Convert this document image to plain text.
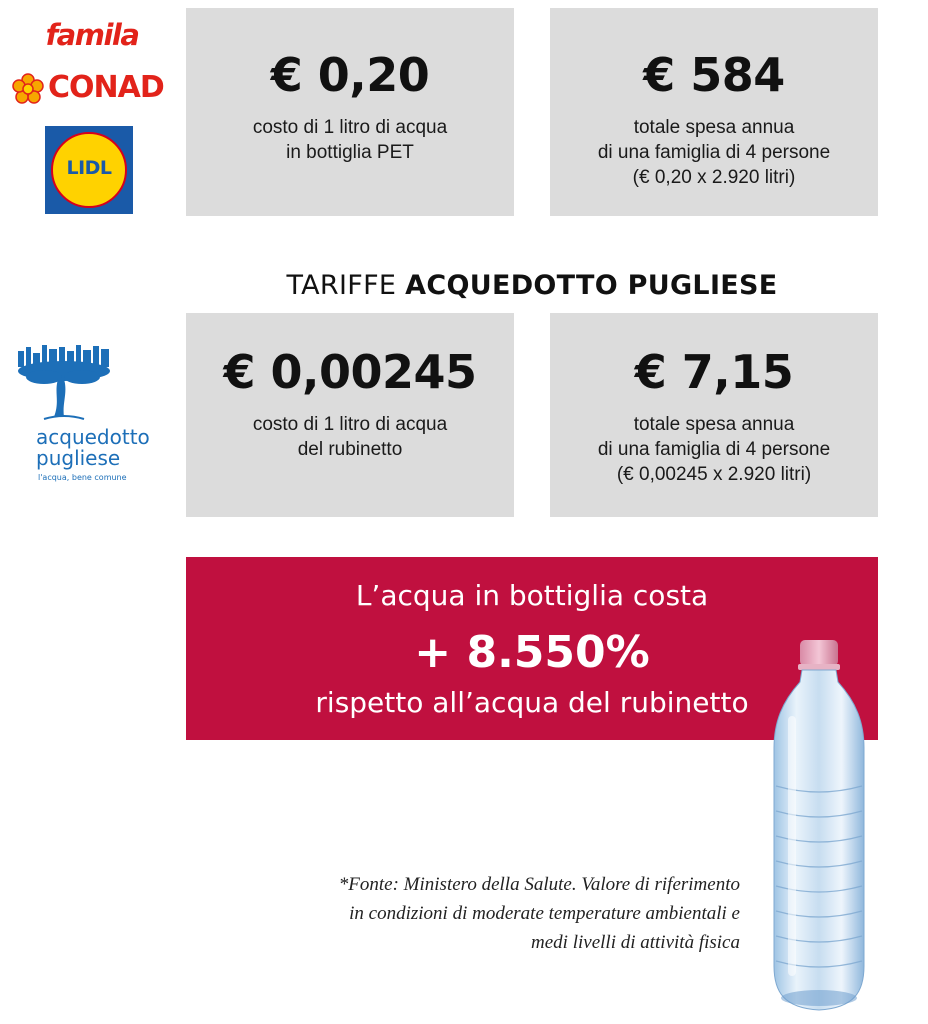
famila
CONAD
LIDL
acquedotto
pugliese
l'acqua, bene comune
€ 0,20
costo di 1 litro di acqua
in bottiglia PET
€ 584
totale spesa annua
di una famiglia di 4 persone
(€ 0,20 x 2.920 litri)
TARIFFE ACQUEDOTTO PUGLIESE
€ 0,00245
costo di 1 litro di acqua
del rubinetto
€ 7,15
totale spesa annua
di una famiglia di 4 persone
(€ 0,00245 x 2.920 litri)
L’acqua in bottiglia costa
+ 8.550%
rispetto all’acqua del rubinetto
*Fonte: Ministero della Salute. Valore di riferimento
in condizioni di moderate temperature ambientali e
medi livelli di attività fisica
